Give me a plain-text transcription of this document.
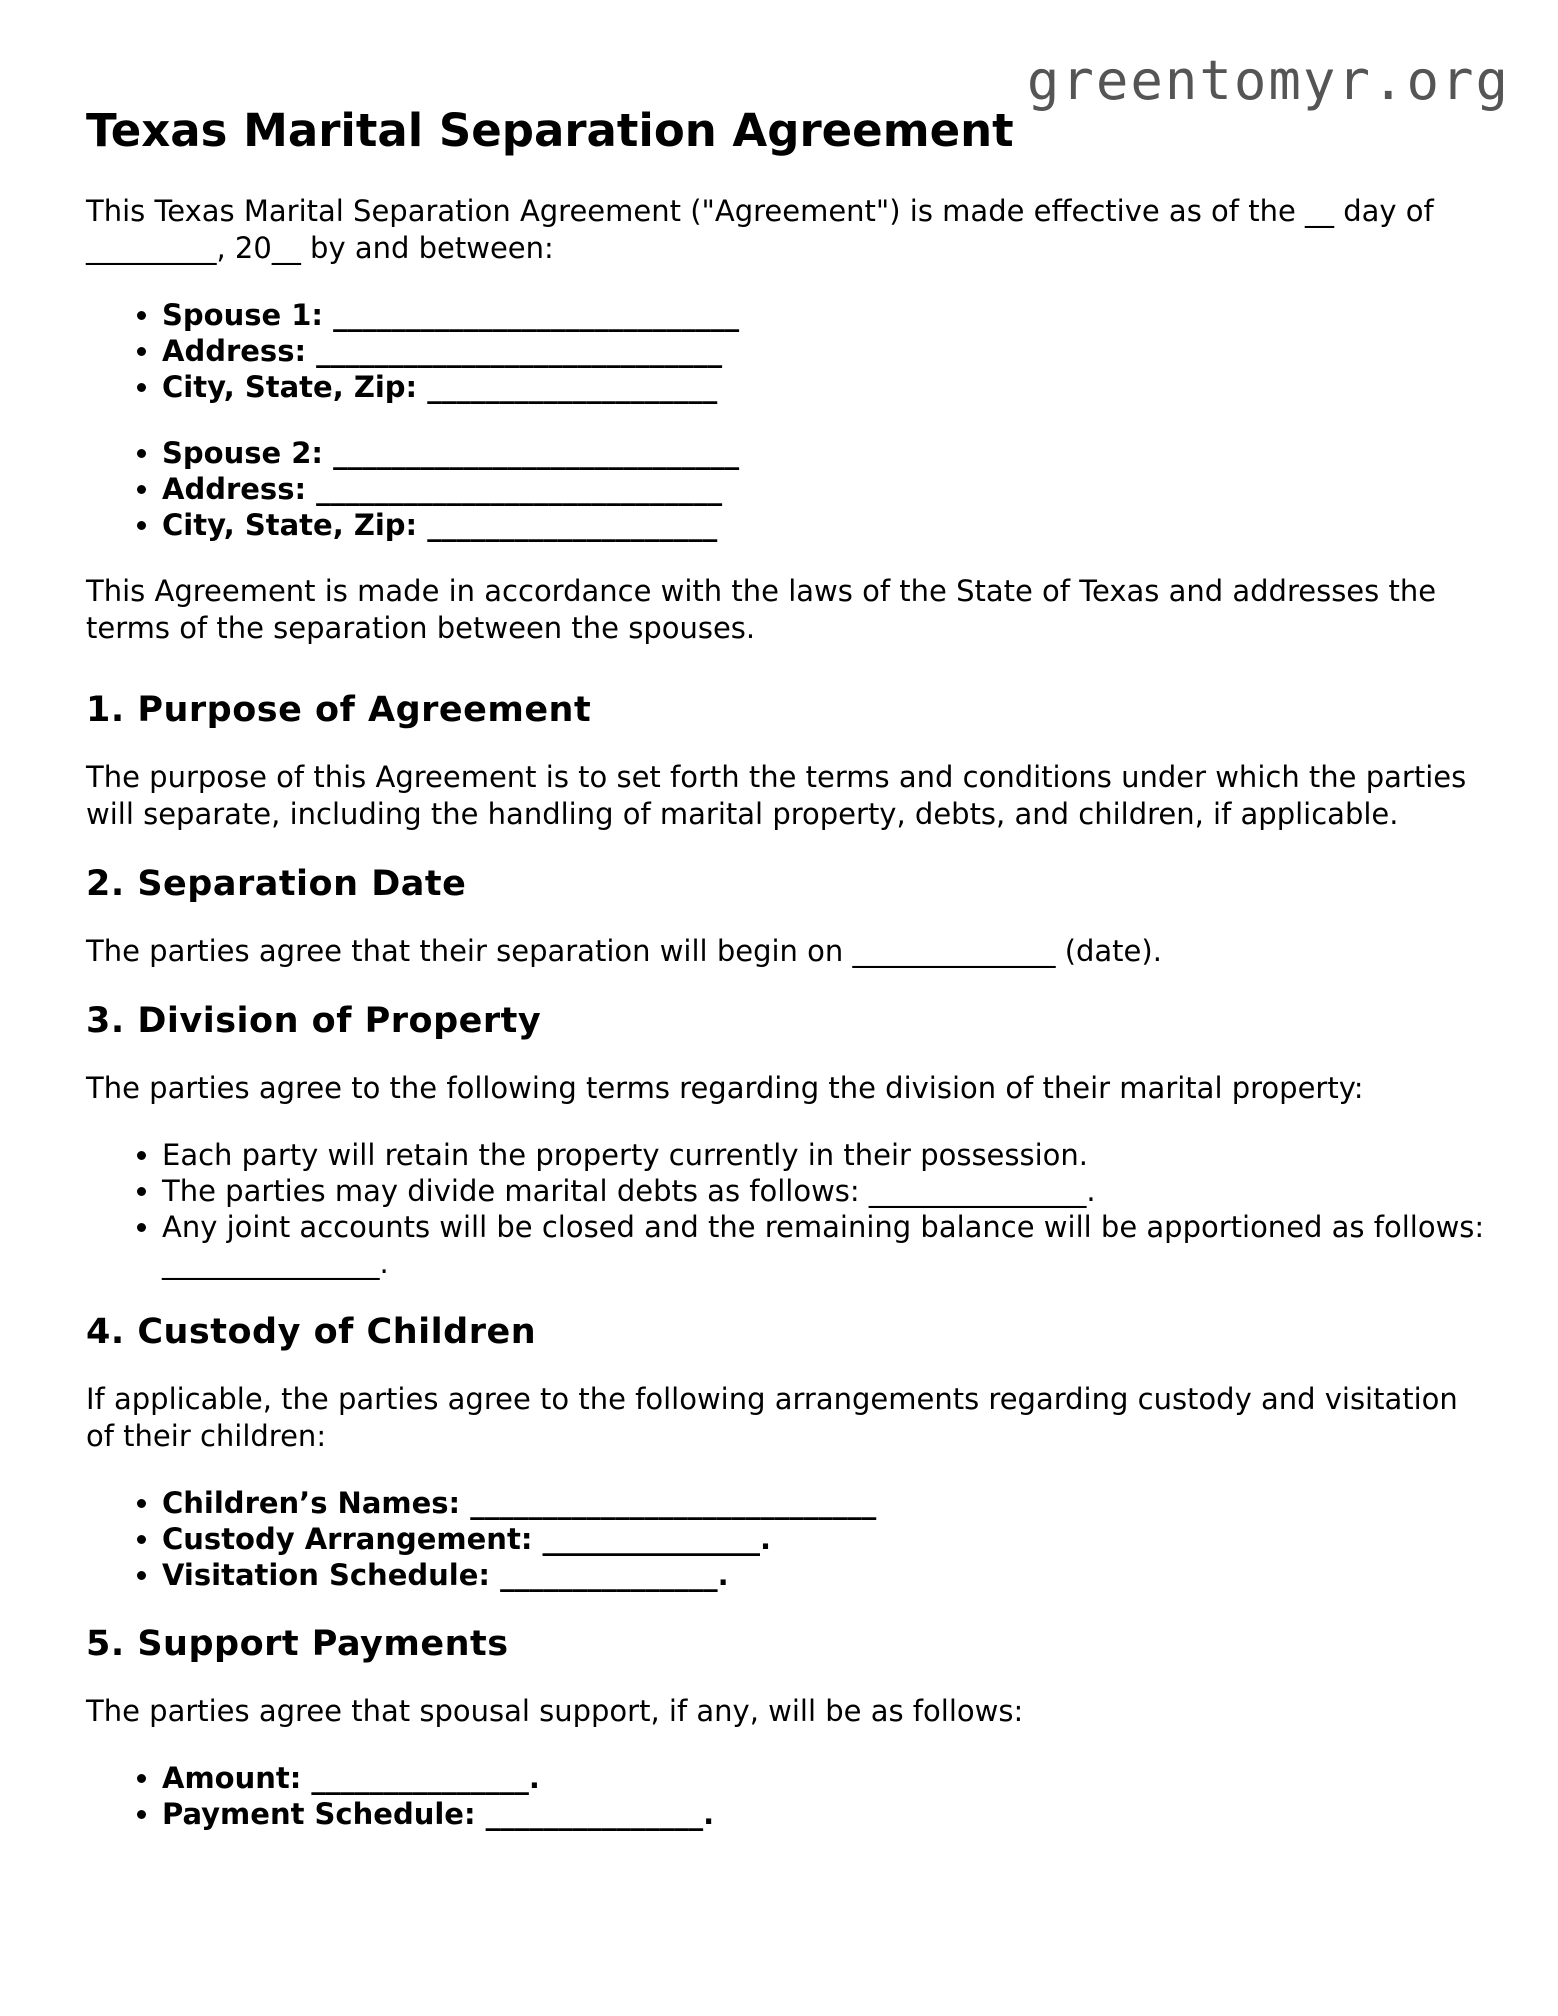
greentomyr.org
Texas Marital Separation Agreement

This Texas Marital Separation Agreement ("Agreement") is made effective as of the __ day of _________, 20__ by and between:

• Spouse 1: ____________________________
• Address: ____________________________
• City, State, Zip: ____________________
• Spouse 2: ____________________________
• Address: ____________________________
• City, State, Zip: ____________________

This Agreement is made in accordance with the laws of the State of Texas and addresses the terms of the separation between the spouses.

1. Purpose of Agreement

The purpose of this Agreement is to set forth the terms and conditions under which the parties will separate, including the handling of marital property, debts, and children, if applicable.

2. Separation Date

The parties agree that their separation will begin on ______________ (date).

3. Division of Property

The parties agree to the following terms regarding the division of their marital property:

• Each party will retain the property currently in their possession.
• The parties may divide marital debts as follows: _______________.
• Any joint accounts will be closed and the remaining balance will be apportioned as follows: _______________.
4. Custody of Children

If applicable, the parties agree to the following arrangements regarding custody and visitation of their children:

• Children’s Names: ____________________________
• Custody Arrangement: _______________.
• Visitation Schedule: _______________.
5. Support Payments

The parties agree that spousal support, if any, will be as follows:

• Amount: _______________.
• Payment Schedule: _______________.
